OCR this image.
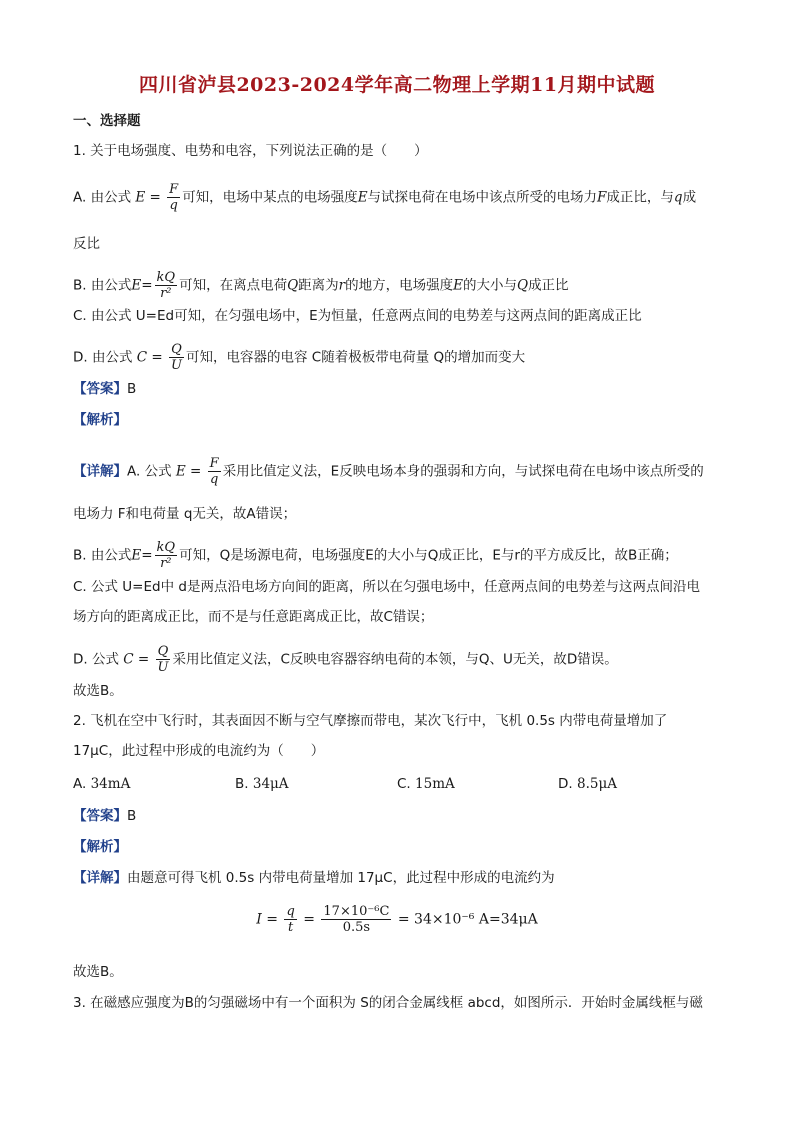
四川省泸县2023-2024学年高二物理上学期11月期中试题
一、选择题
1. 关于电场强度、电势和电容，下列说法正确的是（　　）
A. 由公式 $E = \frac{F}{q}$ 可知，电场中某点的电场强度E与试探电荷在电场中该点所受的电场力F成正比，与q成
反比
B. 由公式$E= \frac{kQ}{\text{r²}}$ 可知，在离点电荷Q距离为r的地方，电场强度E的大小与Q成正比
C. 由公式 U=Ed可知，在匀强电场中，E为恒量，任意两点间的电势差与这两点间的距离成正比
D. 由公式 $C = \frac{Q}{U}$ 可知，电容器的电容 C随着极板带电荷量 Q的增加而变大
【答案】B
【解析】
【详解】A. 公式 $E = \frac{F}{q}$ 采用比值定义法，E反映电场本身的强弱和方向，与试探电荷在电场中该点所受的
电场力 F和电荷量 q无关，故A错误；
B. 由公式$E= \frac{kQ}{\text{r²}}$ 可知，Q是场源电荷，电场强度E的大小与Q成正比，E与r的平方成反比，故B正确；
C. 公式 U=Ed中 d是两点沿电场方向间的距离，所以在匀强电场中，任意两点间的电势差与这两点间沿电
场方向的距离成正比，而不是与任意距离成正比，故C错误；
D. 公式 $C = \frac{Q}{U}$ 采用比值定义法，C反映电容器容纳电荷的本领，与Q、U无关，故D错误。
故选B。
2. 飞机在空中飞行时，其表面因不断与空气摩擦而带电，某次飞行中，飞机 0.5s 内带电荷量增加了
17μC，此过程中形成的电流约为（　　）
A. 34mA	B. 34μA	C. 15mA	D. 8.5μA
【答案】B
【解析】
【详解】由题意可得飞机 0.5s 内带电荷量增加 17μC，此过程中形成的电流约为
$I = \frac{q}{t} = \frac{\text{17×10⁻⁶C}}{0.5s} = 34\times 10^{-6}$ A=34μA
故选B。
3. 在磁感应强度为B的匀强磁场中有一个面积为 S的闭合金属线框 abcd，如图所示．开始时金属线框与磁
